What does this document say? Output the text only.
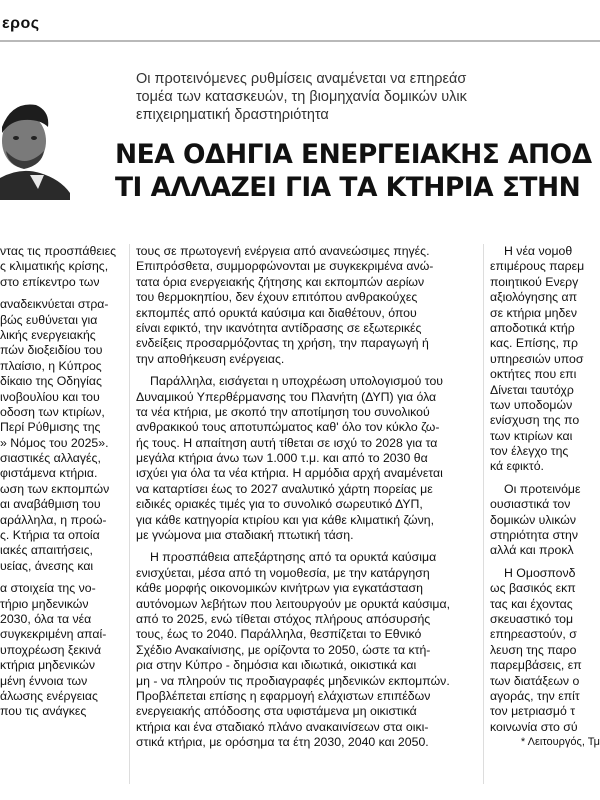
ερος
Οι προτεινόμενες ρυθμίσεις αναμένεται να επηρεάσ
τομέα των κατασκευών, τη βιομηχανία δομικών υλικ
επιχειρηματική δραστηριότητα
ΝΕΑ ΟΔΗΓΙΑ ΕΝΕΡΓΕΙΑΚΗΣ ΑΠΟΔ
ΤΙ ΑΛΛΑΖΕΙ ΓΙΑ ΤΑ ΚΤΗΡΙΑ ΣΤΗΝ
ντας τις προσπάθειες
ς κλιματικής κρίσης,
στο επίκεντρο των
αναδεικνύεται στρα-
βώς ευθύνεται για
λικής ενεργειακής
πών διοξειδίου του
πλαίσιο, η Κύπρος
δίκαιο της Οδηγίας
ινοβουλίου και του
οδοση των κτιρίων,
Περί Ρύθμισης της
» Νόμος του 2025».
σιαστικές αλλαγές,
φιστάμενα κτήρια.
ωση των εκπομπών
αι αναβάθμιση του
αράλληλα, η προώ-
ς. Κτήρια τα οποία
ιακές απαιτήσεις,
υείας, άνεσης και
α στοιχεία της νο-
τήριο μηδενικών
2030, όλα τα νέα
συγκεκριμένη απαί-
υποχρέωση ξεκινά
κτήρια μηδενικών
μένη έννοια των
άλωσης ενέργειας
που τις ανάγκες
τους σε πρωτογενή ενέργεια από ανανεώσιμες πηγές.
Επιπρόσθετα, συμμορφώνονται με συγκεκριμένα ανώ-
τατα όρια ενεργειακής ζήτησης και εκπομπών αερίων
του θερμοκηπίου, δεν έχουν επιτόπου ανθρακούχες
εκπομπές από ορυκτά καύσιμα και διαθέτουν, όπου
είναι εφικτό, την ικανότητα αντίδρασης σε εξωτερικές
ενδείξεις προσαρμόζοντας τη χρήση, την παραγωγή ή
την αποθήκευση ενέργειας.
Παράλληλα, εισάγεται η υποχρέωση υπολογισμού του
Δυναμικού Υπερθέρμανσης του Πλανήτη (ΔΥΠ) για όλα
τα νέα κτήρια, με σκοπό την αποτίμηση του συνολικού
ανθρακικού τους αποτυπώματος καθ' όλο τον κύκλο ζω-
ής τους. Η απαίτηση αυτή τίθεται σε ισχύ το 2028 για τα
μεγάλα κτήρια άνω των 1.000 τ.μ. και από το 2030 θα
ισχύει για όλα τα νέα κτήρια. Η αρμόδια αρχή αναμένεται
να καταρτίσει έως το 2027 αναλυτικό χάρτη πορείας με
ειδικές οριακές τιμές για το συνολικό σωρευτικό ΔΥΠ,
για κάθε κατηγορία κτιρίου και για κάθε κλιματική ζώνη,
με γνώμονα μια σταδιακή πτωτική τάση.
Η προσπάθεια απεξάρτησης από τα ορυκτά καύσιμα
ενισχύεται, μέσα από τη νομοθεσία, με την κατάργηση
κάθε μορφής οικονομικών κινήτρων για εγκατάσταση
αυτόνομων λεβήτων που λειτουργούν με ορυκτά καύσιμα,
από το 2025, ενώ τίθεται στόχος πλήρους απόσυρσής
τους, έως το 2040. Παράλληλα, θεσπίζεται το Εθνικό
Σχέδιο Ανακαίνισης, με ορίζοντα το 2050, ώστε τα κτή-
ρια στην Κύπρο - δημόσια και ιδιωτικά, οικιστικά και
μη - να πληρούν τις προδιαγραφές μηδενικών εκπομπών.
Προβλέπεται επίσης η εφαρμογή ελάχιστων επιπέδων
ενεργειακής απόδοσης στα υφιστάμενα μη οικιστικά
κτήρια και ένα σταδιακό πλάνο ανακαινίσεων στα οικι-
στικά κτήρια, με ορόσημα τα έτη 2030, 2040 και 2050.
Η νέα νομοθ
επιμέρους παρεμ
ποιητικού Ενεργ
αξιολόγησης απ
σε κτήρια μηδεν
αποδοτικά κτήρ
κας. Επίσης, πρ
υπηρεσιών υποσ
οκτήτες που επι
Δίνεται ταυτόχρ
των υποδομών
ενίσχυση της πο
των κτιρίων και
τον έλεγχο της
κά εφικτό.
Οι προτεινόμε
ουσιαστικά τον
δομικών υλικών
στηριότητα στην
αλλά και προκλ
Η Ομοσπονδ
ως βασικός εκπ
τας και έχοντας
σκευαστικό τομ
επηρεαστούν, σ
λευση της παρο
παρεμβάσεις, επ
των διατάξεων ο
αγοράς, την επίτ
τον μετριασμό τ
κοινωνία στο σύ
* Λειτουργός, Τμ
